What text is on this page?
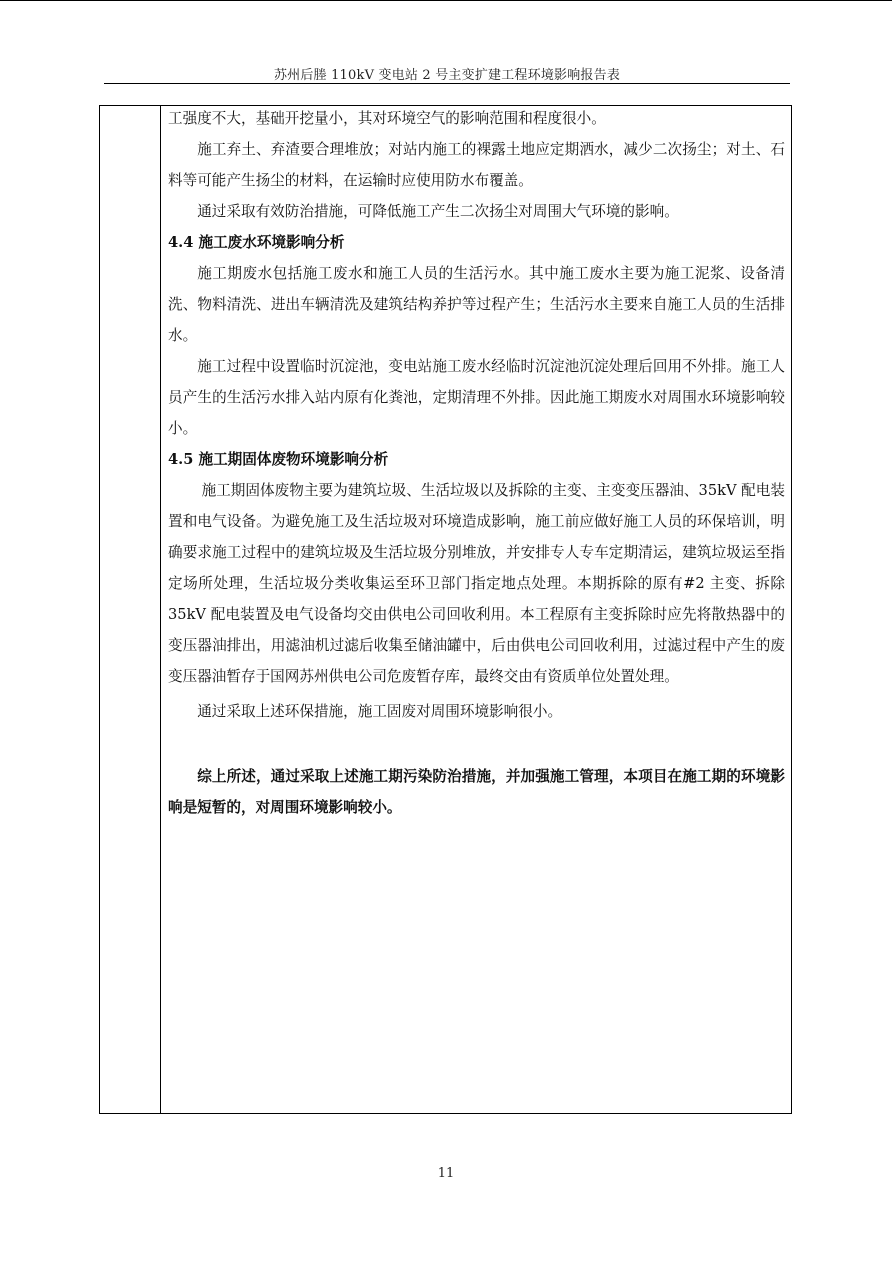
苏州后塍 110kV 变电站 2 号主变扩建工程环境影响报告表

工强度不大，基础开挖量小，其对环境空气的影响范围和程度很小。

施工弃土、弃渣要合理堆放；对站内施工的裸露土地应定期洒水，减少二次扬尘；对土、石料等可能产生扬尘的材料，在运输时应使用防水布覆盖。

通过采取有效防治措施，可降低施工产生二次扬尘对周围大气环境的影响。

4.4 施工废水环境影响分析

施工期废水包括施工废水和施工人员的生活污水。其中施工废水主要为施工泥浆、设备清洗、物料清洗、进出车辆清洗及建筑结构养护等过程产生；生活污水主要来自施工人员的生活排水。

施工过程中设置临时沉淀池，变电站施工废水经临时沉淀池沉淀处理后回用不外排。施工人员产生的生活污水排入站内原有化粪池，定期清理不外排。因此施工期废水对周围水环境影响较小。

4.5 施工期固体废物环境影响分析

施工期固体废物主要为建筑垃圾、生活垃圾以及拆除的主变、主变变压器油、35kV 配电装置和电气设备。为避免施工及生活垃圾对环境造成影响，施工前应做好施工人员的环保培训，明确要求施工过程中的建筑垃圾及生活垃圾分别堆放，并安排专人专车定期清运，建筑垃圾运至指定场所处理，生活垃圾分类收集运至环卫部门指定地点处理。本期拆除的原有#2 主变、拆除 35kV 配电装置及电气设备均交由供电公司回收利用。本工程原有主变拆除时应先将散热器中的变压器油排出，用滤油机过滤后收集至储油罐中，后由供电公司回收利用，过滤过程中产生的废变压器油暂存于国网苏州供电公司危废暂存库，最终交由有资质单位处置处理。

通过采取上述环保措施，施工固废对周围环境影响很小。

综上所述，通过采取上述施工期污染防治措施，并加强施工管理，本项目在施工期的环境影响是短暂的，对周围环境影响较小。

11
